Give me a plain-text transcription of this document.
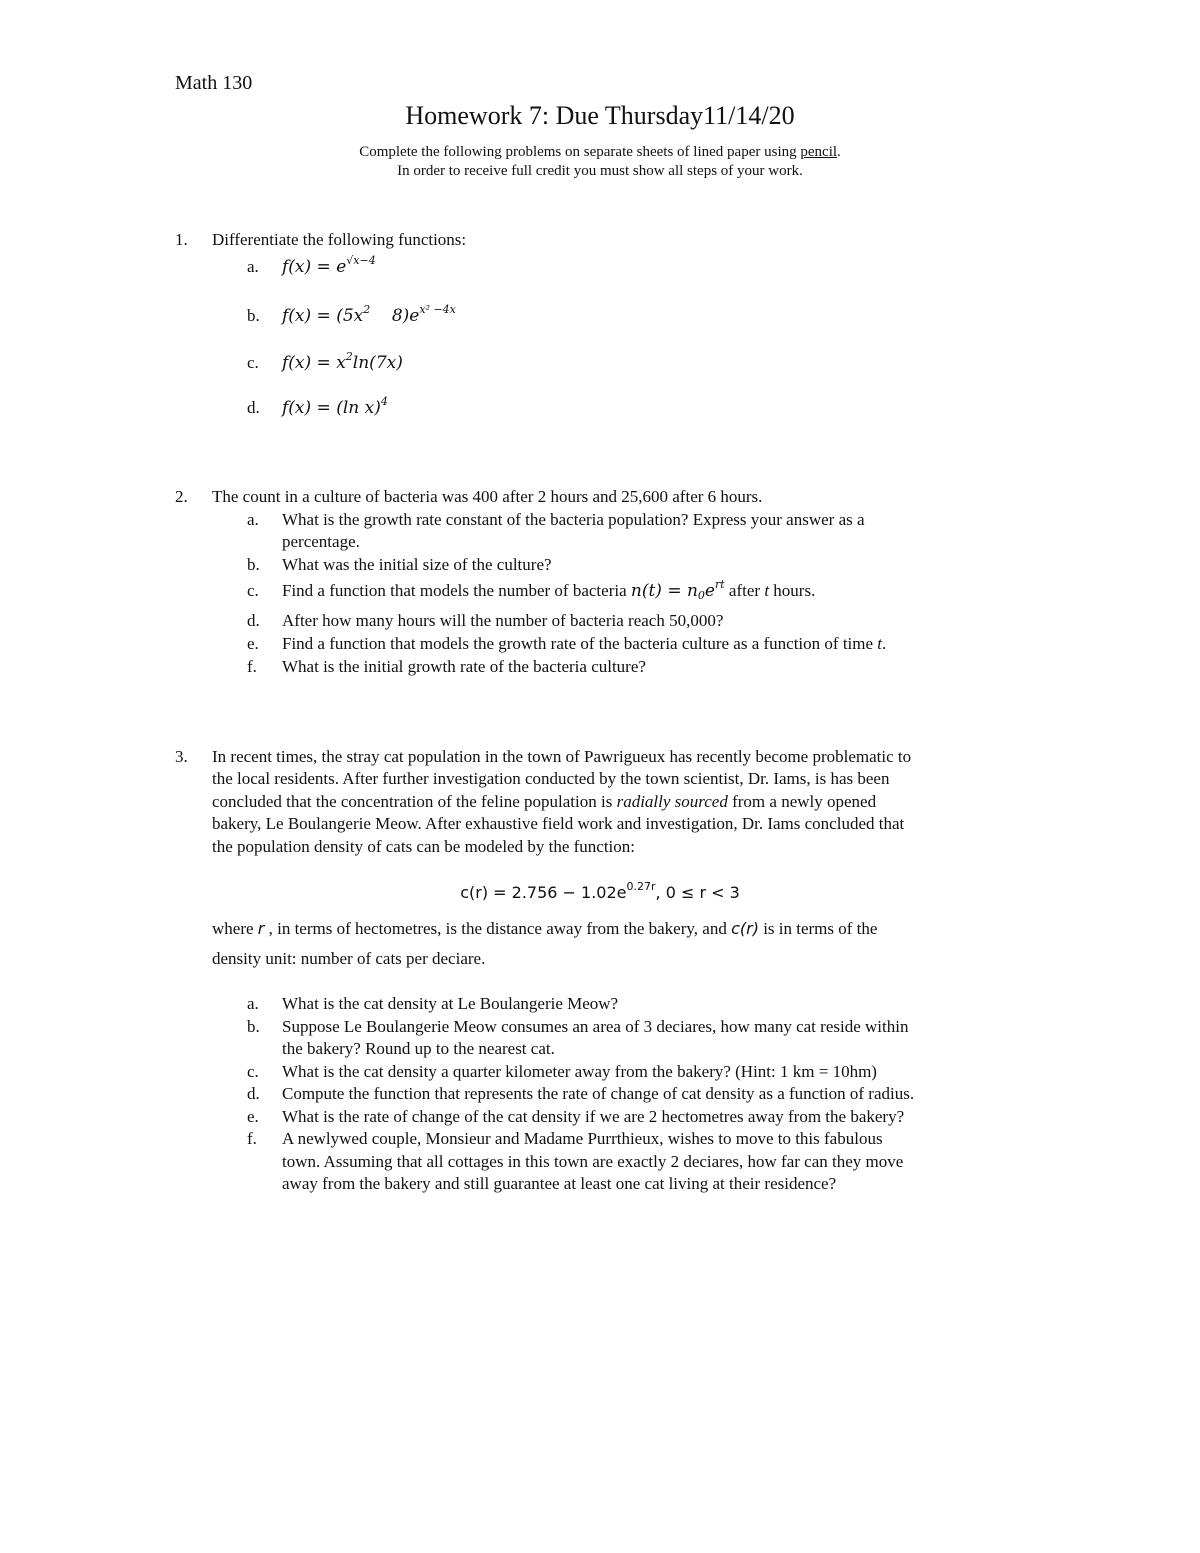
Math 130
Homework 7: Due Thursday11/14/20
Complete the following problems on separate sheets of lined paper using pencil.
In order to receive full credit you must show all steps of your work.
1. Differentiate the following functions:
a. $f(x) = e^{√x-4}$
b. $f(x) = (5x^2$    $8)e^{x^2 -4x}$
c. $f(x) = x^2\ln(7x)$
d. f(x) = (ln x)$^4$
2. The count in a culture of bacteria was 400 after 2 hours and 25,600 after 6 hours.
a. What is the growth rate constant of the bacteria population? Express your answer as a
percentage.
b. What was the initial size of the culture?
c. Find a function that models the number of bacteria $n(t) = n_0e^{rt}$ after t hours.
d. After how many hours will the number of bacteria reach 50,000?
e. Find a function that models the growth rate of the bacteria culture as a function of time t.
f. What is the initial growth rate of the bacteria culture?
3. In recent times, the stray cat population in the town of Pawrigueux has recently become problematic to
the local residents. After further investigation conducted by the town scientist, Dr. Iams, is has been
concluded that the concentration of the feline population is radially sourced from a newly opened
bakery, Le Boulangerie Meow. After exhaustive field work and investigation, Dr. Iams concluded that
the population density of cats can be modeled by the function:
$c(r) = 2.756 - 1.02e^{0.27r}$, 0 ≤ r < 3
where r , in terms of hectometres, is the distance away from the bakery, and c(r) is in terms of the
density unit: number of cats per deciare.
a. What is the cat density at Le Boulangerie Meow?
b. Suppose Le Boulangerie Meow consumes an area of 3 deciares, how many cat reside within
the bakery? Round up to the nearest cat.
c. What is the cat density a quarter kilometer away from the bakery? (Hint: 1 km = 10hm)
d. Compute the function that represents the rate of change of cat density as a function of radius.
e. What is the rate of change of the cat density if we are 2 hectometres away from the bakery?
f. A newlywed couple, Monsieur and Madame Purrthieux, wishes to move to this fabulous
town. Assuming that all cottages in this town are exactly 2 deciares, how far can they move
away from the bakery and still guarantee at least one cat living at their residence?
